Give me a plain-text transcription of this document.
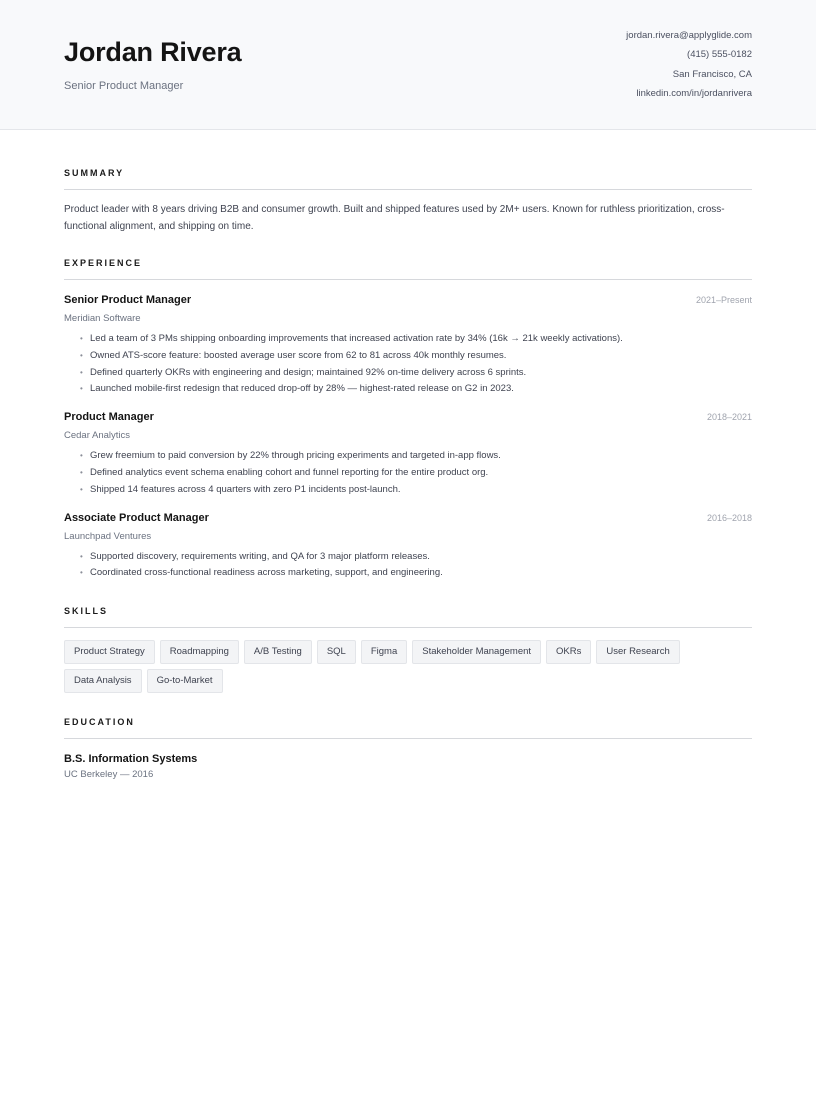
Jordan Rivera
Senior Product Manager
jordan.rivera@applyglide.com
(415) 555-0182
San Francisco, CA
linkedin.com/in/jordanrivera
SUMMARY

Product leader with 8 years driving B2B and consumer growth. Built and shipped features used by 2M+ users. Known for ruthless prioritization, cross-functional alignment, and shipping on time.

EXPERIENCE
Senior Product Manager	2021–Present
Meridian Software
• Led a team of 3 PMs shipping onboarding improvements that increased activation rate by 34% (16k → 21k weekly activations).
• Owned ATS-score feature: boosted average user score from 62 to 81 across 40k monthly resumes.
• Defined quarterly OKRs with engineering and design; maintained 92% on-time delivery across 6 sprints.
• Launched mobile-first redesign that reduced drop-off by 28% — highest-rated release on G2 in 2023.
Product Manager	2018–2021
Cedar Analytics
• Grew freemium to paid conversion by 22% through pricing experiments and targeted in-app flows.
• Defined analytics event schema enabling cohort and funnel reporting for the entire product org.
• Shipped 14 features across 4 quarters with zero P1 incidents post-launch.
Associate Product Manager	2016–2018
Launchpad Ventures
• Supported discovery, requirements writing, and QA for 3 major platform releases.
• Coordinated cross-functional readiness across marketing, support, and engineering.
SKILLS
Product Strategy	Roadmapping	A/B Testing	SQL	Figma	Stakeholder Management	OKRs	User Research
Data Analysis	Go-to-Market
EDUCATION
B.S. Information Systems
UC Berkeley — 2016
